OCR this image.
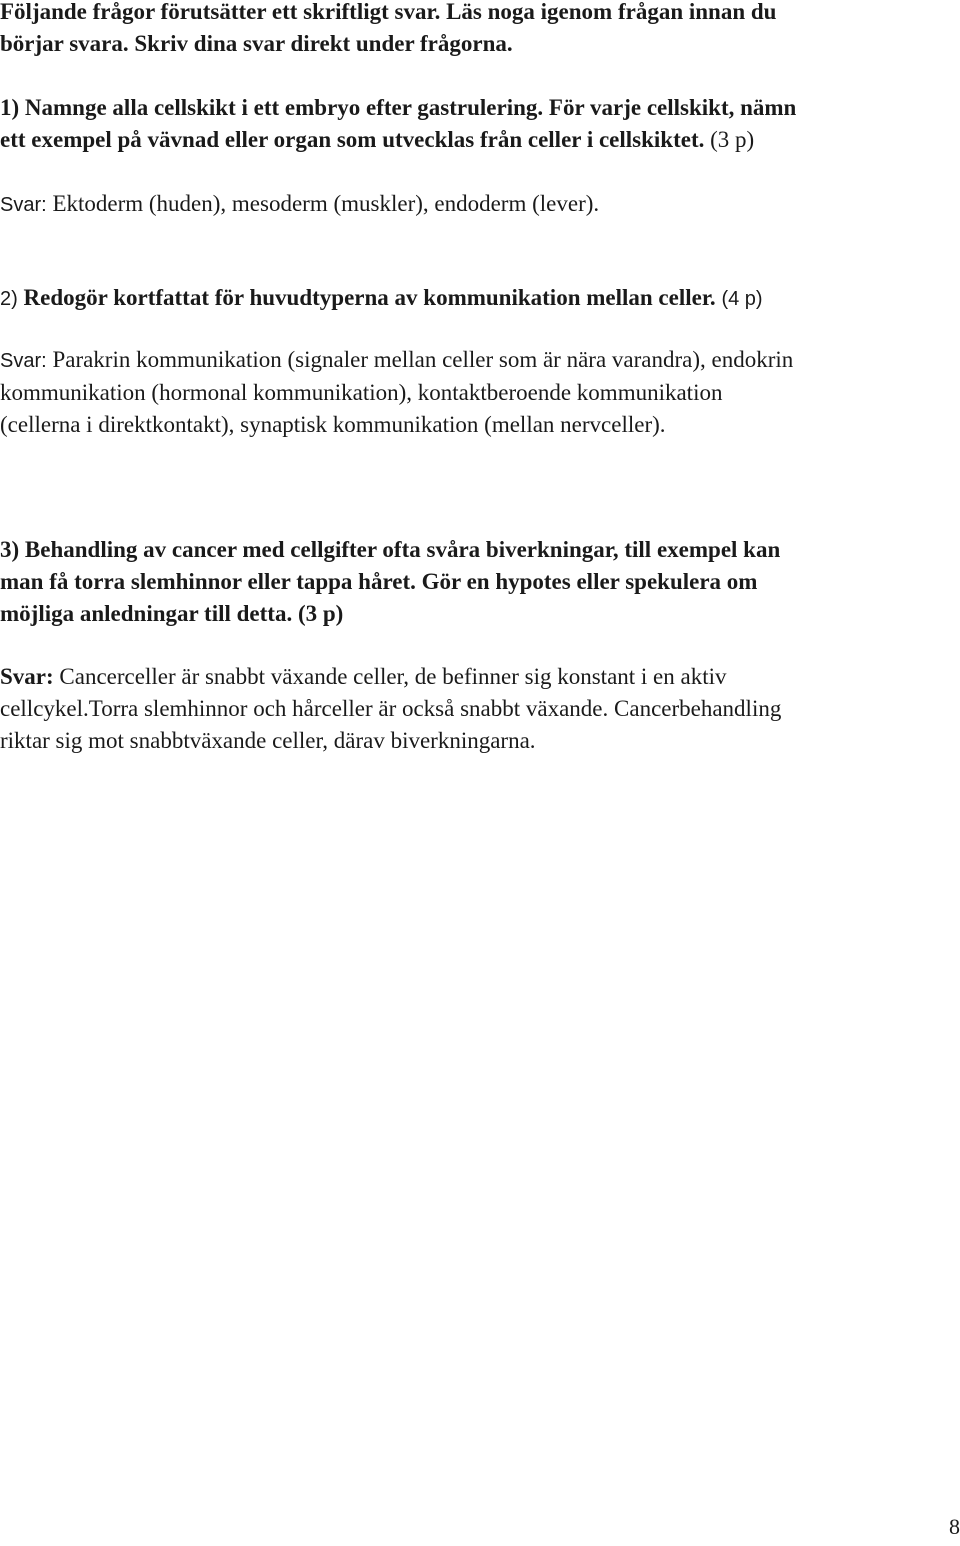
Följande frågor förutsätter ett skriftligt svar. Läs noga igenom frågan innan du
börjar svara. Skriv dina svar direkt under frågorna.
1) Namnge alla cellskikt i ett embryo efter gastrulering. För varje cellskikt, nämn
ett exempel på vävnad eller organ som utvecklas från celler i cellskiktet. (3 p)
Svar: Ektoderm (huden), mesoderm (muskler), endoderm (lever).
2) Redogör kortfattat för huvudtyperna av kommunikation mellan celler. (4 p)
Svar: Parakrin kommunikation (signaler mellan celler som är nära varandra), endokrin
kommunikation (hormonal kommunikation), kontaktberoende kommunikation
(cellerna i direktkontakt), synaptisk kommunikation (mellan nervceller).
3) Behandling av cancer med cellgifter ofta svåra biverkningar, till exempel kan
man få torra slemhinnor eller tappa håret. Gör en hypotes eller spekulera om
möjliga anledningar till detta. (3 p)
Svar: Cancerceller är snabbt växande celler, de befinner sig konstant i en aktiv
cellcykel.Torra slemhinnor och hårceller är också snabbt växande. Cancerbehandling
riktar sig mot snabbtväxande celler, därav biverkningarna.
8
